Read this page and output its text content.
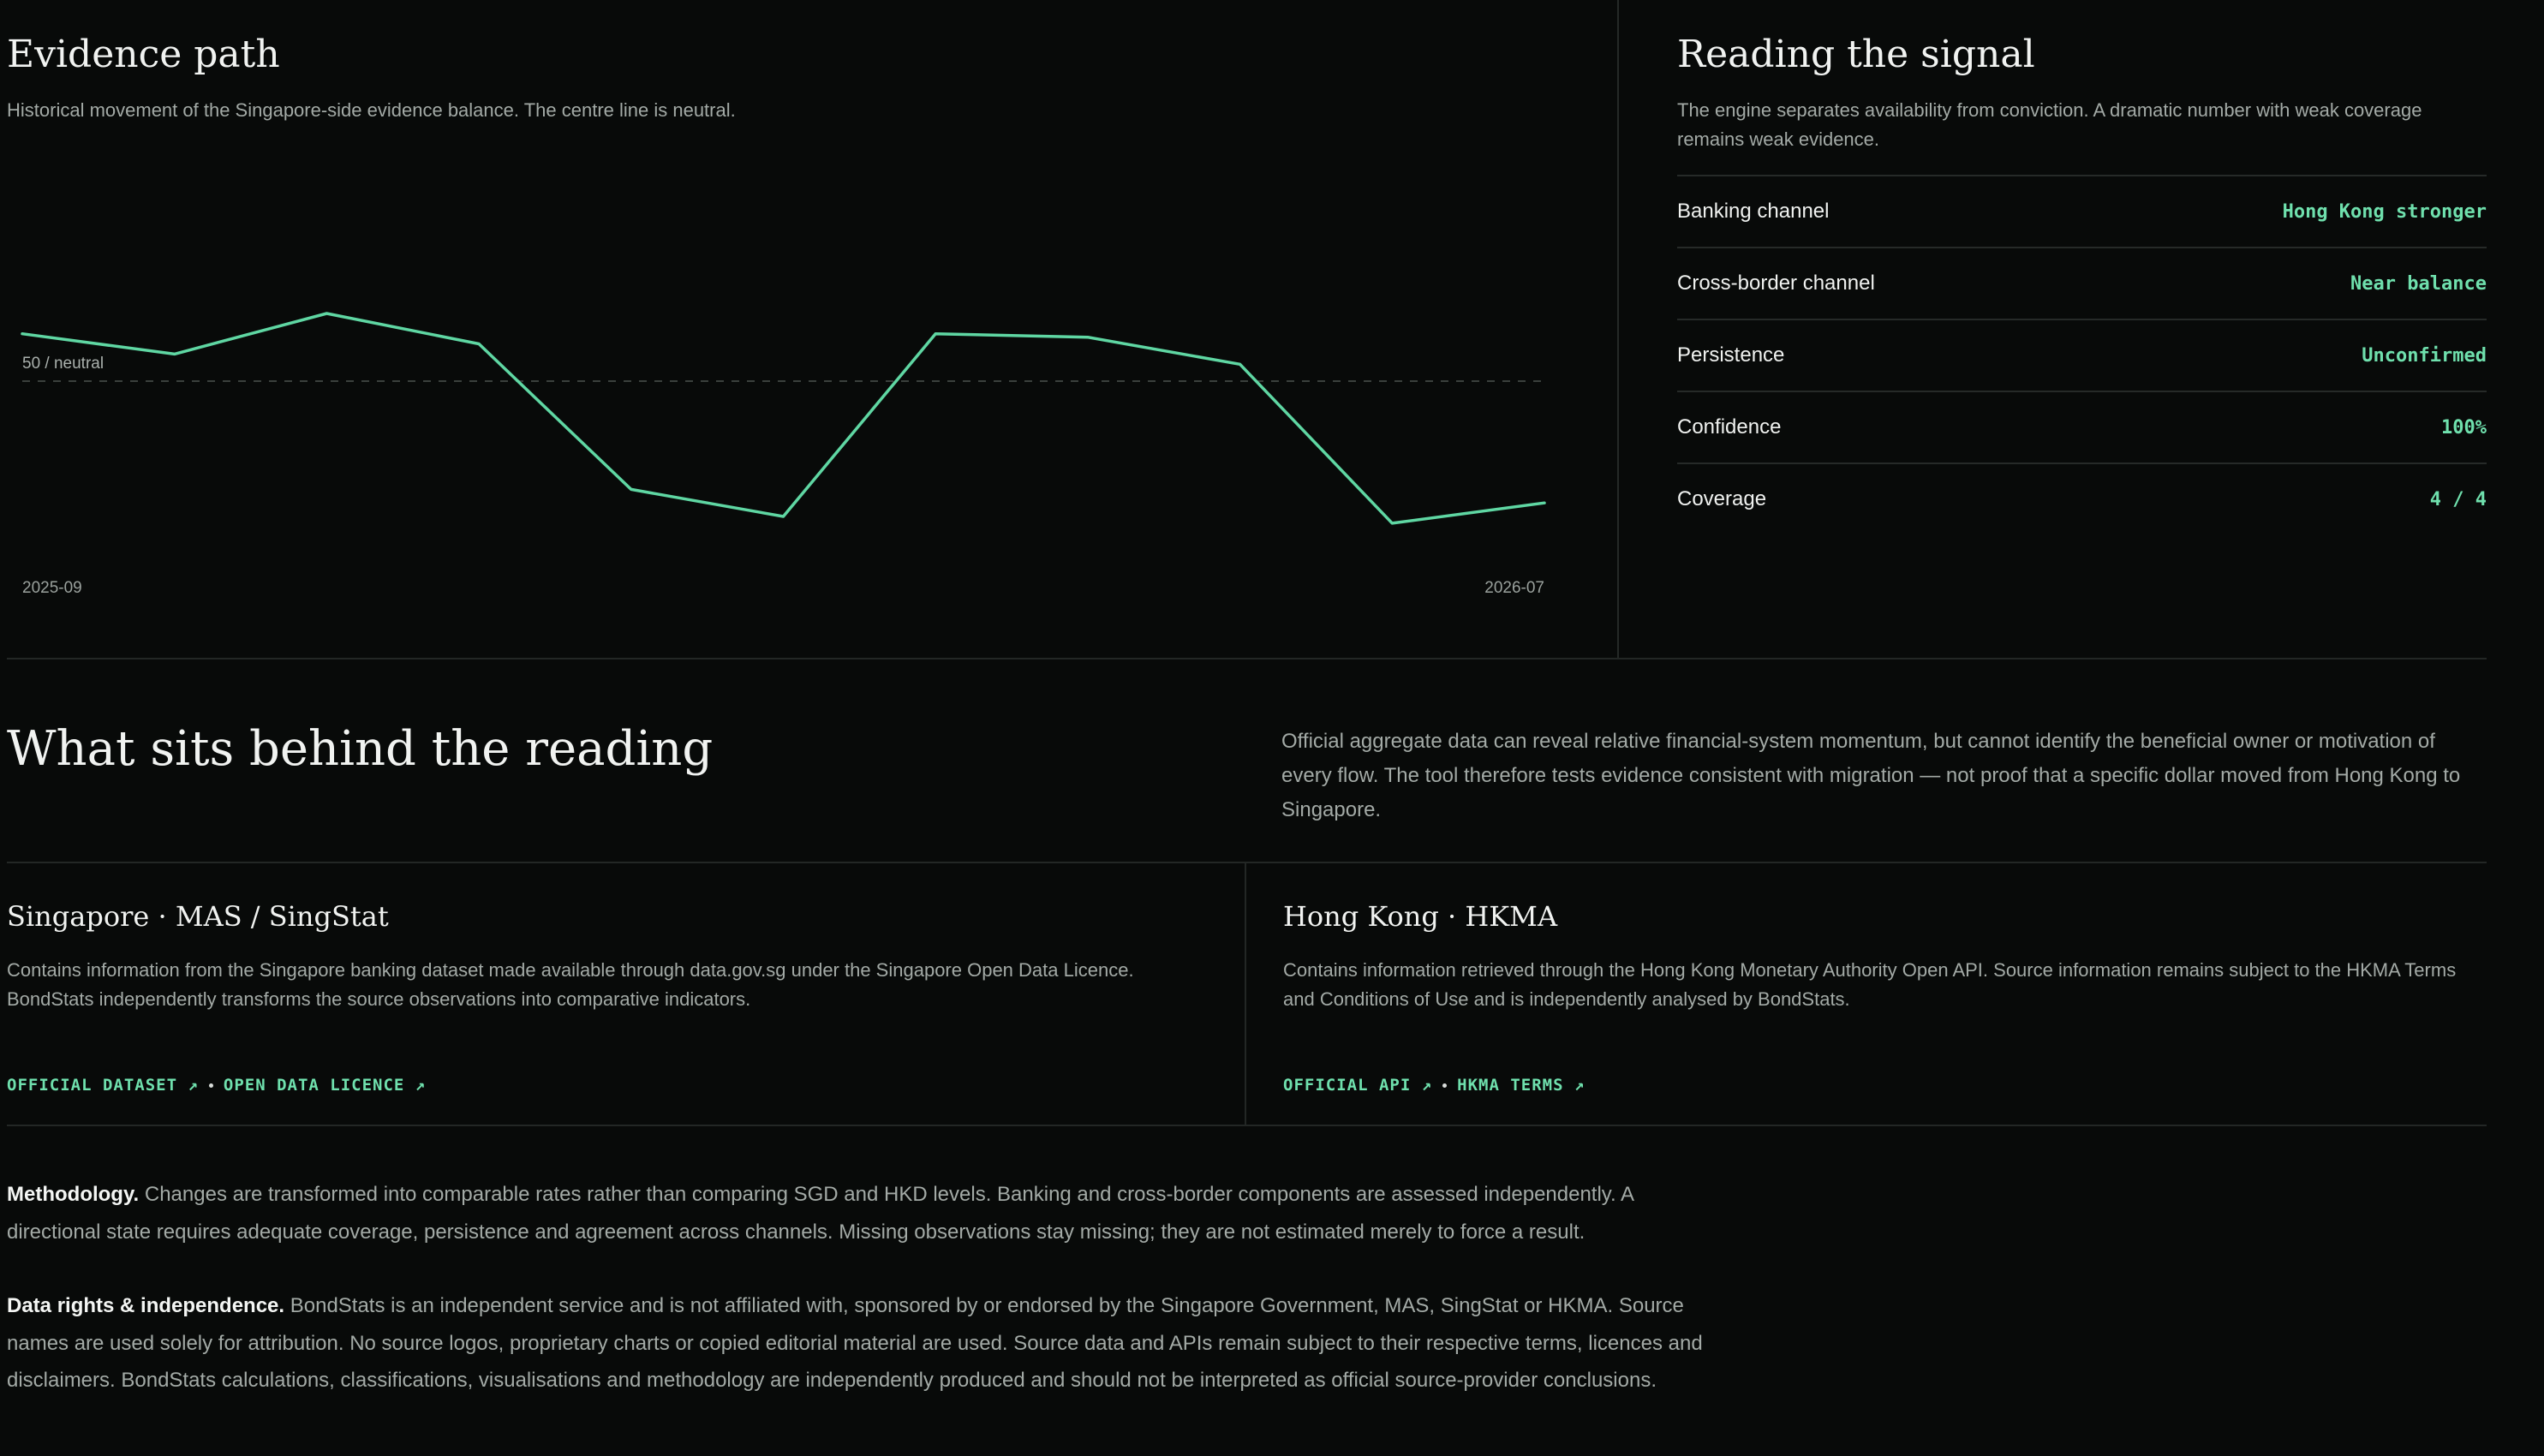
50 / neutral
2025-09	2026-07
Evidence path
Historical movement of the Singapore-side evidence balance. The centre line is neutral.
Reading the signal
The engine separates availability from conviction. A dramatic number with weak coverage remains weak evidence.
Banking channel	Hong Kong stronger
Cross-border channel	Near balance
Persistence	Unconfirmed
Confidence	100%
Coverage	4 / 4
What sits behind the reading	Official aggregate data can reveal relative financial-system momentum, but cannot identify the beneficial owner or motivation of every flow. The tool therefore tests evidence consistent with migration — not proof that a specific dollar moved from Hong Kong to Singapore.

Singapore · MAS / SingStat

Contains information from the Singapore banking dataset made available through data.gov.sg under the Singapore Open Data Licence. BondStats independently transforms the source observations into comparative indicators.

OFFICIAL DATASET ↗ OPEN DATA LICENCE ↗
Hong Kong · HKMA

Contains information retrieved through the Hong Kong Monetary Authority Open API. Source information remains subject to the HKMA Terms and Conditions of Use and is independently analysed by BondStats.

OFFICIAL API ↗ HKMA TERMS ↗

Methodology. Changes are transformed into comparable rates rather than comparing SGD and HKD levels. Banking and cross-border components are assessed independently. A directional state requires adequate coverage, persistence and agreement across channels. Missing observations stay missing; they are not estimated merely to force a result.

Data rights & independence. BondStats is an independent service and is not affiliated with, sponsored by or endorsed by the Singapore Government, MAS, SingStat or HKMA. Source names are used solely for attribution. No source logos, proprietary charts or copied editorial material are used. Source data and APIs remain subject to their respective terms, licences and disclaimers. BondStats calculations, classifications, visualisations and methodology are independently produced and should not be interpreted as official source-provider conclusions.
